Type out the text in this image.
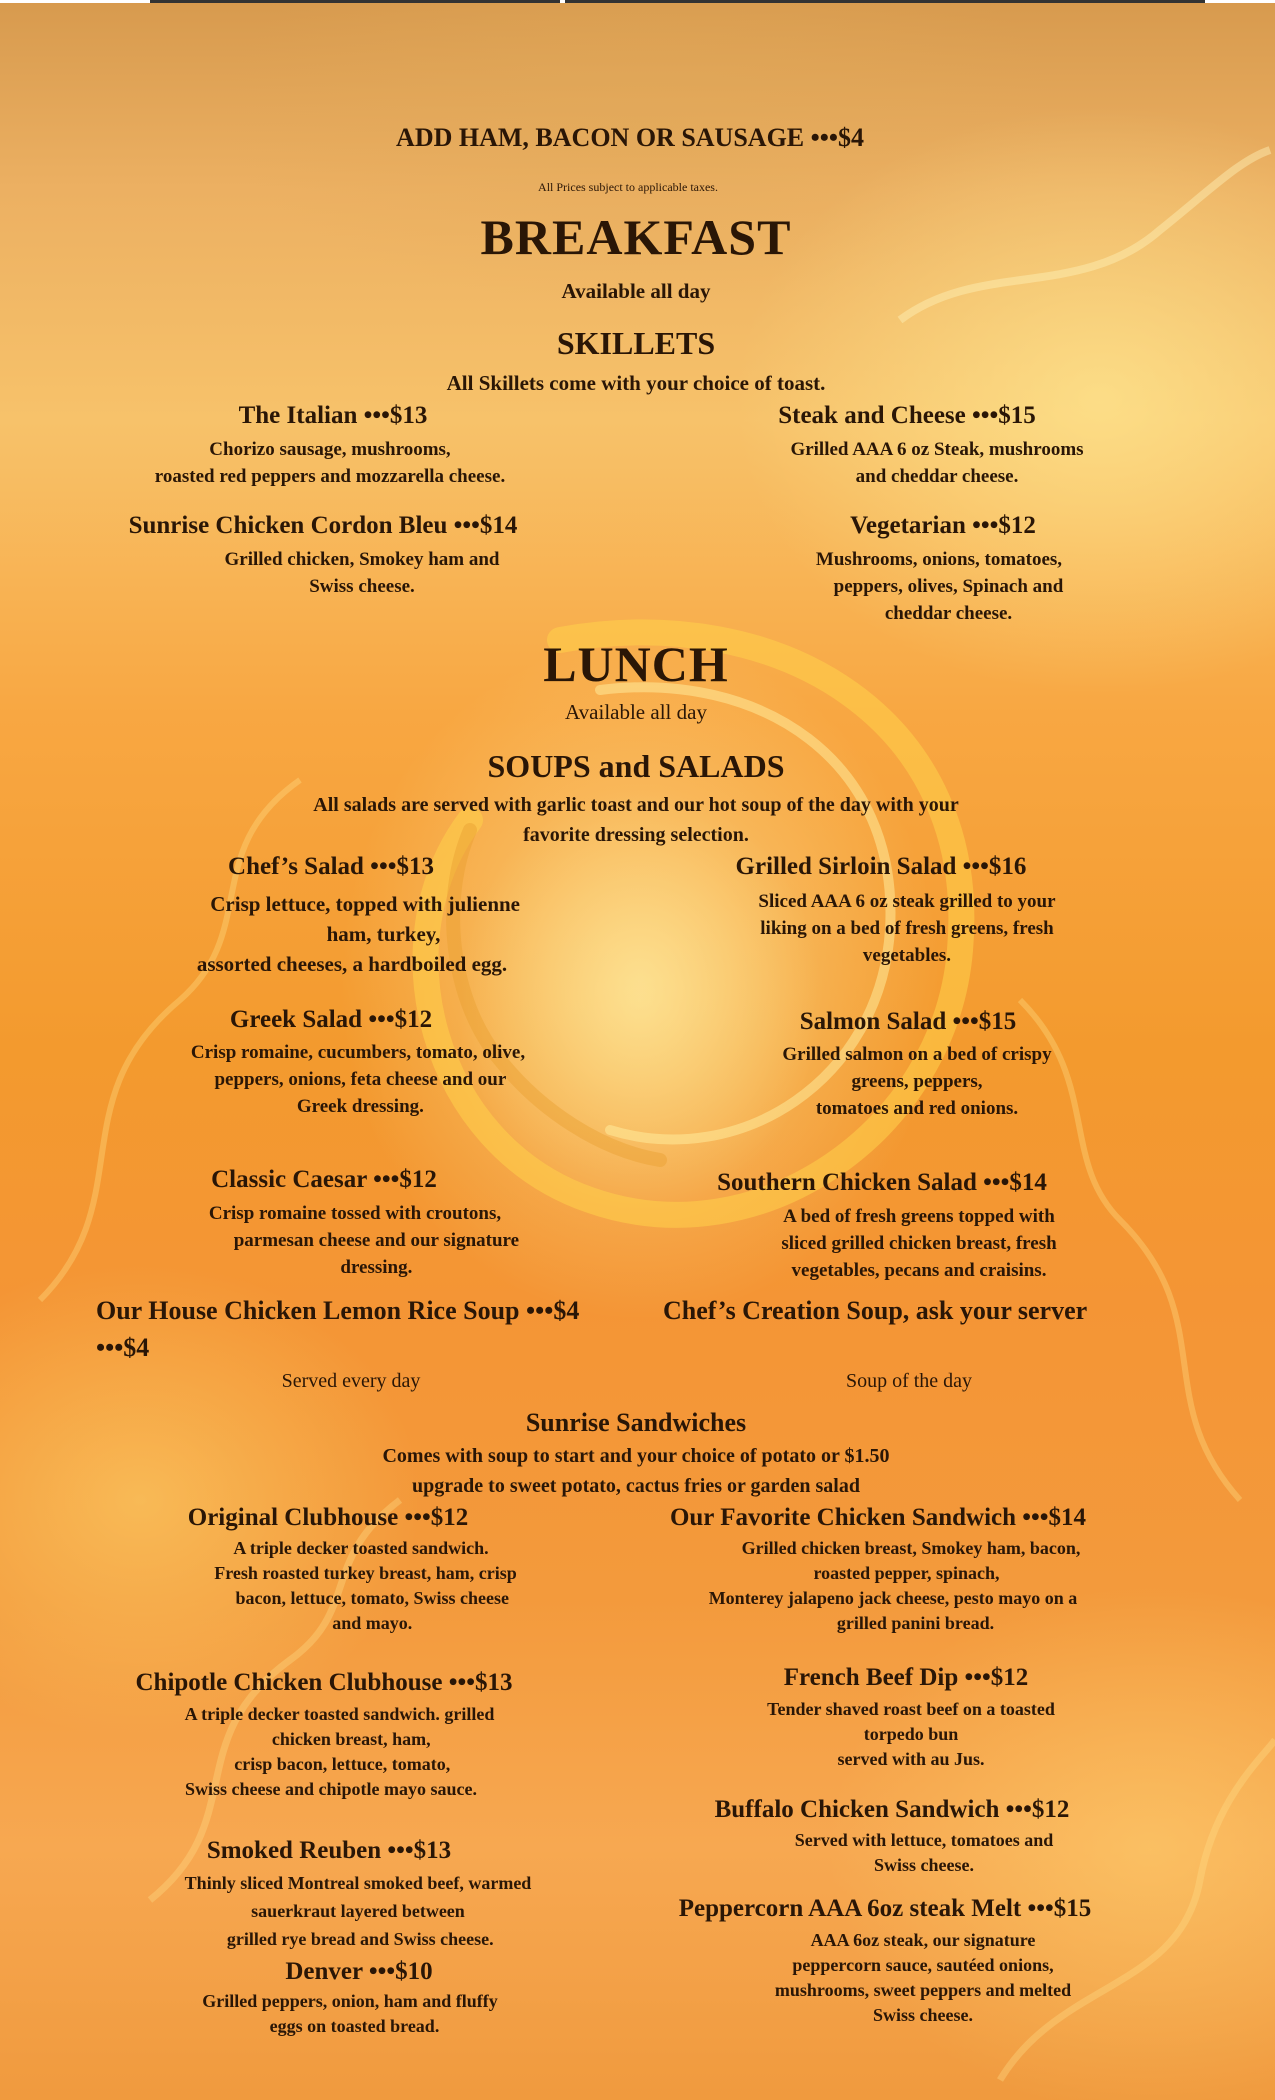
ADD HAM, BACON OR SAUSAGE •••$4
All Prices subject to applicable taxes.
BREAKFAST
Available all day
SKILLETS
All Skillets come with your choice of toast.
The Italian •••$13
Chorizo sausage, mushrooms,
roasted red peppers and mozzarella cheese.
Steak and Cheese •••$15
Grilled AAA 6 oz Steak, mushrooms
and cheddar cheese.
Sunrise Chicken Cordon Bleu •••$14
Grilled chicken, Smokey ham and
Swiss cheese.
Vegetarian •••$12
Mushrooms, onions, tomatoes,
peppers, olives, Spinach and
cheddar cheese.
LUNCH
Available all day
SOUPS and SALADS
All salads are served with garlic toast and our hot soup of the day with your
favorite dressing selection.
Chef’s Salad •••$13
Crisp lettuce, topped with julienne
ham, turkey,
assorted cheeses, a hardboiled egg.
Grilled Sirloin Salad •••$16
Sliced AAA 6 oz steak grilled to your
liking on a bed of fresh greens, fresh
vegetables.
Greek Salad •••$12
Crisp romaine, cucumbers, tomato, olive,
peppers, onions, feta cheese and our
Greek dressing.
Salmon Salad •••$15
Grilled salmon on a bed of crispy
greens, peppers,
tomatoes and red onions.
Classic Caesar •••$12
Crisp romaine tossed with croutons,
parmesan cheese and our signature
dressing.
Southern Chicken Salad •••$14
A bed of fresh greens topped with
sliced grilled chicken breast, fresh
vegetables, pecans and craisins.
Our House Chicken Lemon Rice Soup •••$4	Chef’s Creation Soup, ask your server
•••$4
Served every day	Soup of the day
Sunrise Sandwiches
Comes with soup to start and your choice of potato or $1.50
upgrade to sweet potato, cactus fries or garden salad
Original Clubhouse •••$12
A triple decker toasted sandwich.
Fresh roasted turkey breast, ham, crisp
bacon, lettuce, tomato, Swiss cheese
and mayo.
Our Favorite Chicken Sandwich •••$14
Grilled chicken breast, Smokey ham, bacon,
roasted pepper, spinach,
Monterey jalapeno jack cheese, pesto mayo on a
grilled panini bread.
Chipotle Chicken Clubhouse •••$13
A triple decker toasted sandwich. grilled
chicken breast, ham,
crisp bacon, lettuce, tomato,
Swiss cheese and chipotle mayo sauce.
French Beef Dip •••$12
Tender shaved roast beef on a toasted
torpedo bun
served with au Jus.
Smoked Reuben •••$13
Thinly sliced Montreal smoked beef, warmed
sauerkraut layered between
grilled rye bread and Swiss cheese.
Buffalo Chicken Sandwich •••$12
Served with lettuce, tomatoes and
Swiss cheese.
Denver •••$10
Grilled peppers, onion, ham and fluffy
eggs on toasted bread.
Peppercorn AAA 6oz steak Melt •••$15
AAA 6oz steak, our signature
peppercorn sauce, sautéed onions,
mushrooms, sweet peppers and melted
Swiss cheese.
